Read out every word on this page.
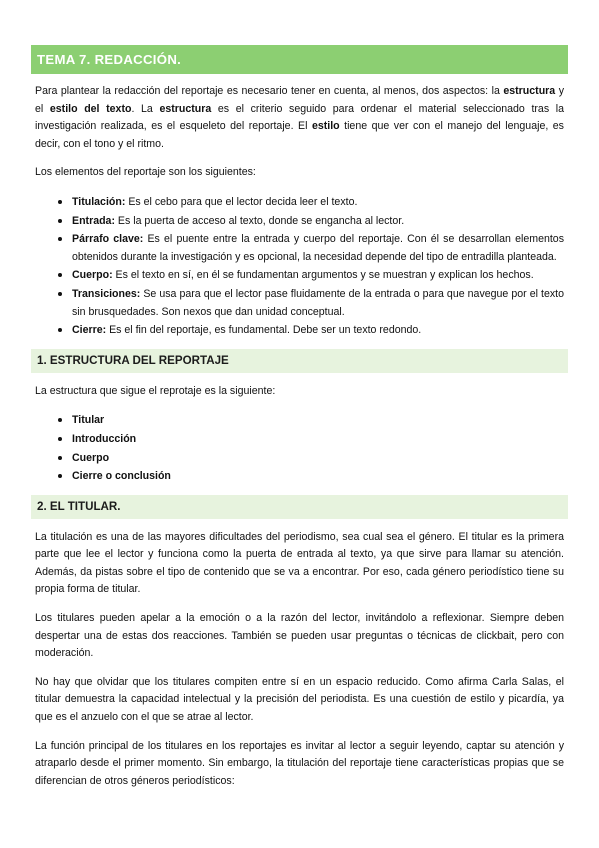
TEMA 7. REDACCIÓN.

Para plantear la redacción del reportaje es necesario tener en cuenta, al menos, dos aspectos: la estructura y el estilo del texto. La estructura es el criterio seguido para ordenar el material seleccionado tras la investigación realizada, es el esqueleto del reportaje. El estilo tiene que ver con el manejo del lenguaje, es decir, con el tono y el ritmo.

Los elementos del reportaje son los siguientes:

• Titulación: Es el cebo para que el lector decida leer el texto.
• Entrada: Es la puerta de acceso al texto, donde se engancha al lector.
• Párrafo clave: Es el puente entre la entrada y cuerpo del reportaje. Con él se desarrollan elementos obtenidos durante la investigación y es opcional, la necesidad depende del tipo de entradilla planteada.
• Cuerpo: Es el texto en sí, en él se fundamentan argumentos y se muestran y explican los hechos.
• Transiciones: Se usa para que el lector pase fluidamente de la entrada o para que navegue por el texto sin brusquedades. Son nexos que dan unidad conceptual.
• Cierre: Es el fin del reportaje, es fundamental. Debe ser un texto redondo.
1. ESTRUCTURA DEL REPORTAJE

La estructura que sigue el reprotaje es la siguiente:

• Titular
• Introducción
• Cuerpo
• Cierre o conclusión
2. EL TITULAR.

La titulación es una de las mayores dificultades del periodismo, sea cual sea el género. El titular es la primera parte que lee el lector y funciona como la puerta de entrada al texto, ya que sirve para llamar su atención. Además, da pistas sobre el tipo de contenido que se va a encontrar. Por eso, cada género periodístico tiene su propia forma de titular.

Los titulares pueden apelar a la emoción o a la razón del lector, invitándolo a reflexionar. Siempre deben despertar una de estas dos reacciones. También se pueden usar preguntas o técnicas de clickbait, pero con moderación.

No hay que olvidar que los titulares compiten entre sí en un espacio reducido. Como afirma Carla Salas, el titular demuestra la capacidad intelectual y la precisión del periodista. Es una cuestión de estilo y picardía, ya que es el anzuelo con el que se atrae al lector.

La función principal de los titulares en los reportajes es invitar al lector a seguir leyendo, captar su atención y atraparlo desde el primer momento. Sin embargo, la titulación del reportaje tiene características propias que se diferencian de otros géneros periodísticos:
